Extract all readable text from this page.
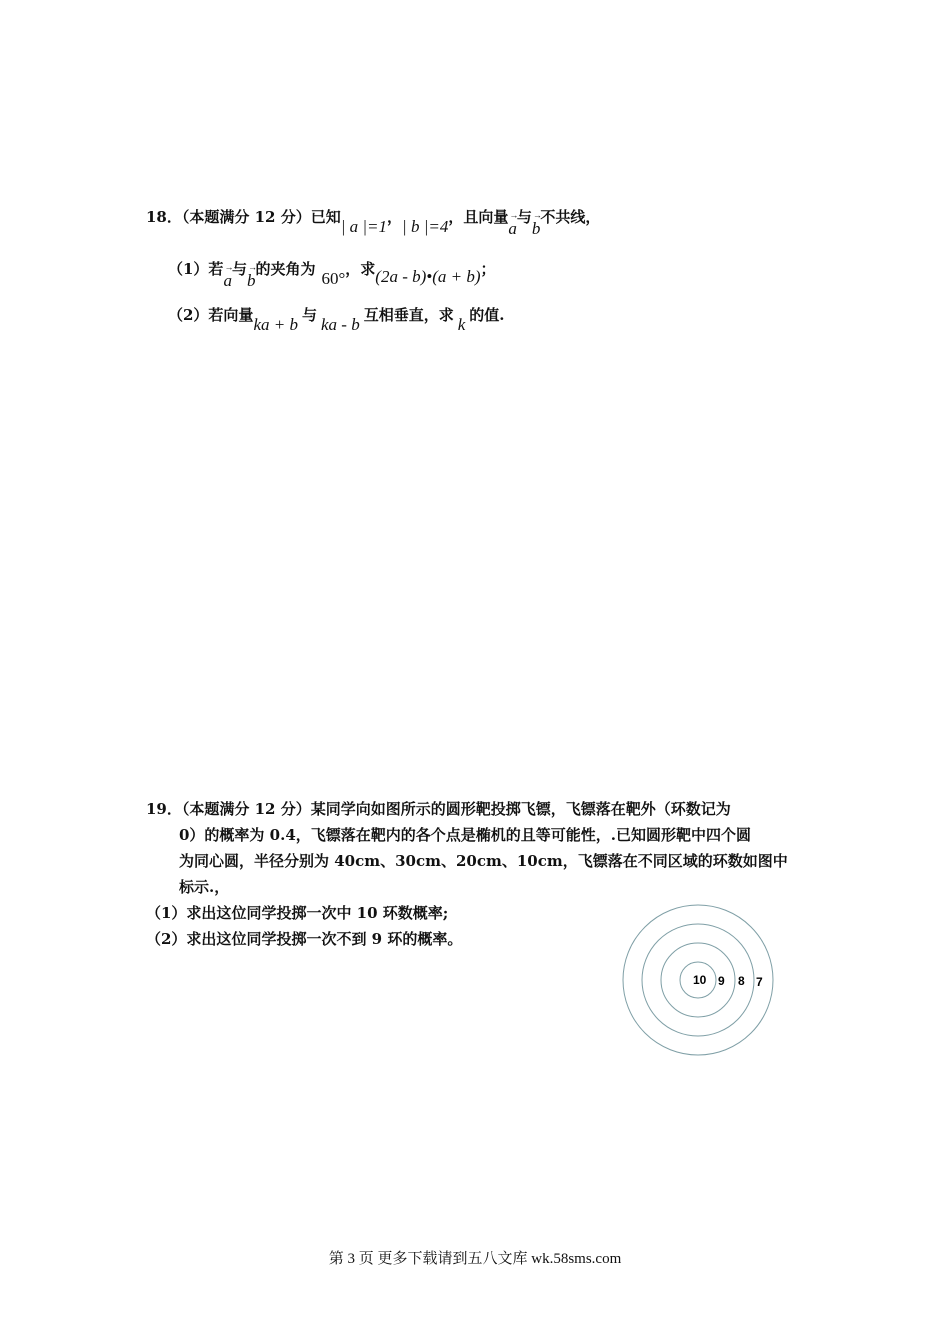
18．（本题满分 12 分）已知| a |=1，| b |=4，且向量→ a与→ b不共线，
（1）若→ a与→ b的夹角为 60°，求(2a - b)•(a + b)；
（2）若向量ka + b 与 ka - b 互相垂直，求 k 的值.
19．（本题满分 12 分）某同学向如图所示的圆形靶投掷飞镖，飞镖落在靶外（环数记为
0）的概率为 0.4，飞镖落在靶内的各个点是椭机的且等可能性，.已知圆形靶中四个圆
为同心圆，半径分别为 40cm、30cm、20cm、10cm，飞镖落在不同区域的环数如图中
标示.，
（1）求出这位同学投掷一次中 10 环数概率;
（2）求出这位同学投掷一次不到 9 环的概率。
10 9 8 7
第 3 页 更多下载请到五八文库 wk.58sms.com
